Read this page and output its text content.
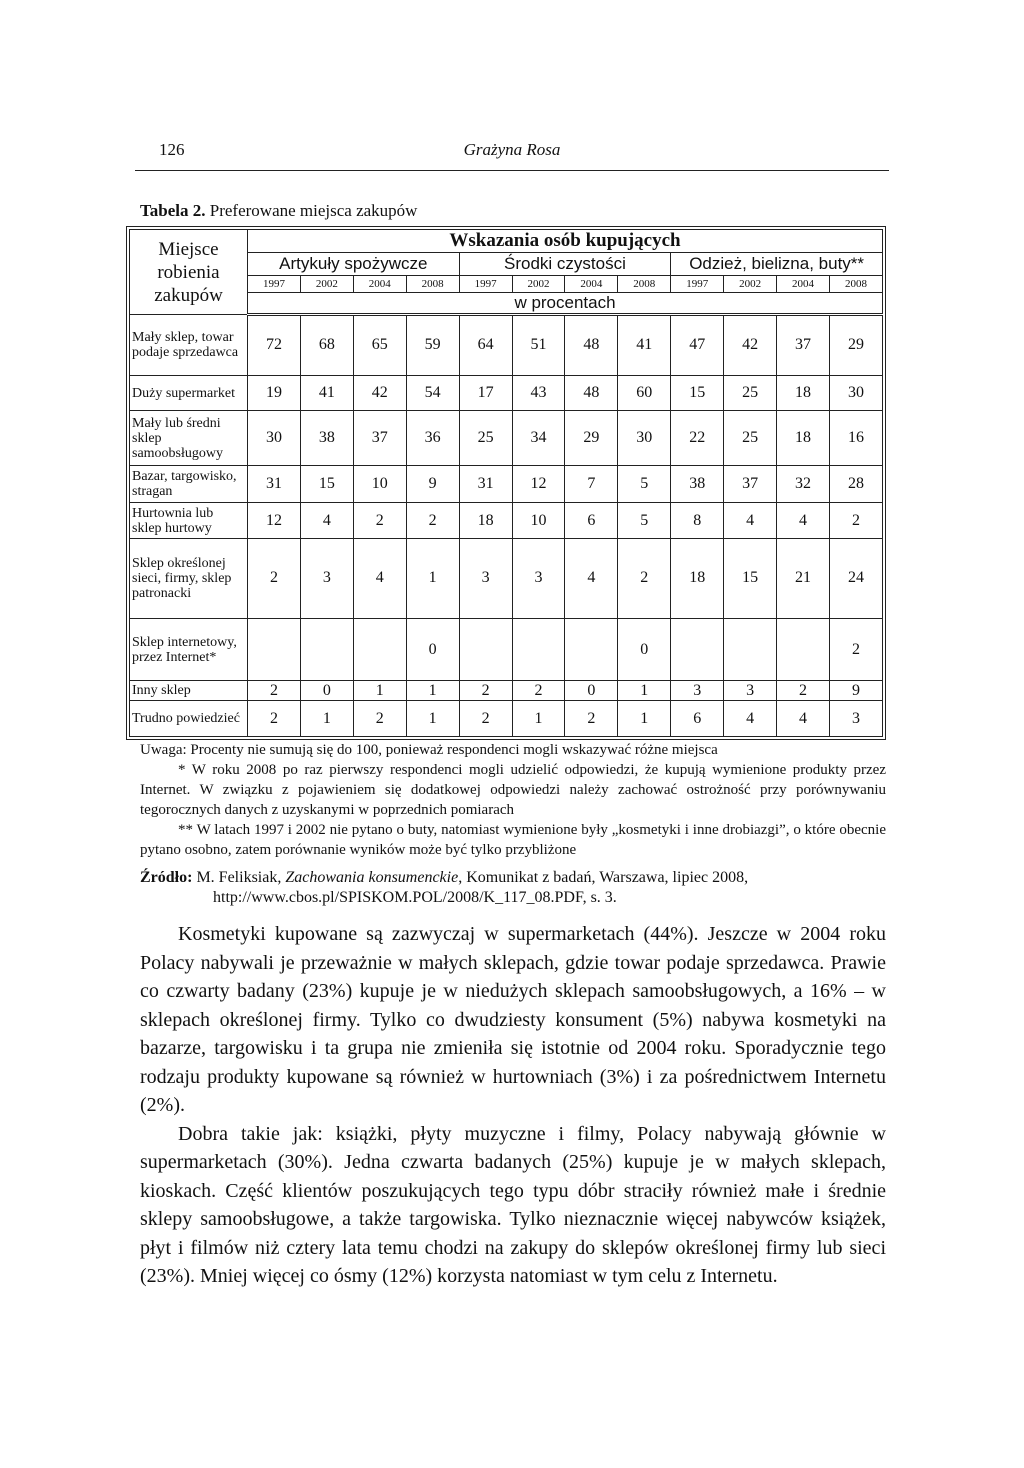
126	Grażyna Rosa
Tabela 2. Preferowane miejsca zakupów
Miejsce robienia zakupów	Wskazania osób kupujących											
	Artykuły spożywcze				Środki czystości				Odzież, bielizna, buty**			
	1997	2002	2004	2008	1997	2002	2004	2008	1997	2002	2004	2008
	w procentach											
Mały sklep, towar podaje sprzedawca	72	68	65	59	64	51	48	41	47	42	37	29
Duży supermarket	19	41	42	54	17	43	48	60	15	25	18	30
Mały lub średni sklep samoobsługowy	30	38	37	36	25	34	29	30	22	25	18	16
Bazar, targowisko, stragan	31	15	10	9	31	12	7	5	38	37	32	28
Hurtownia lub sklep hurtowy	12	4	2	2	18	10	6	5	8	4	4	2
Sklep określonej sieci, firmy, sklep patronacki	2	3	4	1	3	3	4	2	18	15	21	24
Sklep internetowy, przez Internet*				0				0				2
Inny sklep	2	0	1	1	2	2	0	1	3	3	2	9
Trudno powiedzieć	2	1	2	1	2	1	2	1	6	4	4	3

Uwaga: Procenty nie sumują się do 100, ponieważ respondenci mogli wskazywać różne miejsca

* W roku 2008 po raz pierwszy respondenci mogli udzielić odpowiedzi, że kupują wymienione produkty przez Internet. W związku z pojawieniem się dodatkowej odpowiedzi należy zachować ostrożność przy porównywaniu tegorocznych danych z uzyskanymi w poprzednich pomiarach

** W latach 1997 i 2002 nie pytano o buty, natomiast wymienione były „kosmetyki i inne drobiazgi”, o które obecnie pytano osobno, zatem porównanie wyników może być tylko przybliżone

Źródło: M. Feliksiak, Zachowania konsumenckie, Komunikat z badań, Warszawa, lipiec 2008,
http://www.cbos.pl/SPISKOM.POL/2008/K_117_08.PDF, s. 3.

Kosmetyki kupowane są zazwyczaj w supermarketach (44%). Jeszcze w 2004 roku Polacy nabywali je przeważnie w małych sklepach, gdzie towar podaje sprzedawca. Prawie co czwarty badany (23%) kupuje je w niedużych sklepach samoobsługowych, a 16% – w sklepach określonej firmy. Tylko co dwudziesty konsument (5%) nabywa kosmetyki na bazarze, targowisku i ta grupa nie zmieniła się istotnie od 2004 roku. Sporadycznie tego rodzaju produkty kupowane są również w hurtowniach (3%) i za pośrednictwem Internetu (2%).

Dobra takie jak: książki, płyty muzyczne i filmy, Polacy nabywają głównie w supermarketach (30%). Jedna czwarta badanych (25%) kupuje je w małych sklepach, kioskach. Część klientów poszukujących tego typu dóbr straciły również małe i średnie sklepy samoobsługowe, a także targowiska. Tylko nieznacznie więcej nabywców książek, płyt i filmów niż cztery lata temu chodzi na zakupy do sklepów określonej firmy lub sieci (23%). Mniej więcej co ósmy (12%) korzysta natomiast w tym celu z Internetu.
